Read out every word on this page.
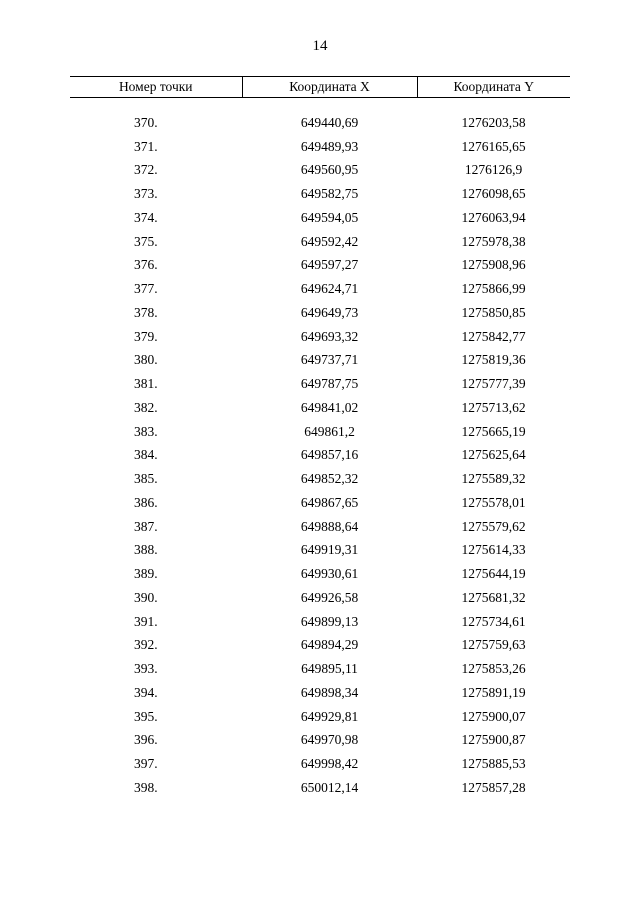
14
Номер точки	Координата X	Координата Y

370.	649440,69	1276203,58
371.	649489,93	1276165,65
372.	649560,95	1276126,9
373.	649582,75	1276098,65
374.	649594,05	1276063,94
375.	649592,42	1275978,38
376.	649597,27	1275908,96
377.	649624,71	1275866,99
378.	649649,73	1275850,85
379.	649693,32	1275842,77
380.	649737,71	1275819,36
381.	649787,75	1275777,39
382.	649841,02	1275713,62
383.	649861,2	1275665,19
384.	649857,16	1275625,64
385.	649852,32	1275589,32
386.	649867,65	1275578,01
387.	649888,64	1275579,62
388.	649919,31	1275614,33
389.	649930,61	1275644,19
390.	649926,58	1275681,32
391.	649899,13	1275734,61
392.	649894,29	1275759,63
393.	649895,11	1275853,26
394.	649898,34	1275891,19
395.	649929,81	1275900,07
396.	649970,98	1275900,87
397.	649998,42	1275885,53
398.	650012,14	1275857,28
